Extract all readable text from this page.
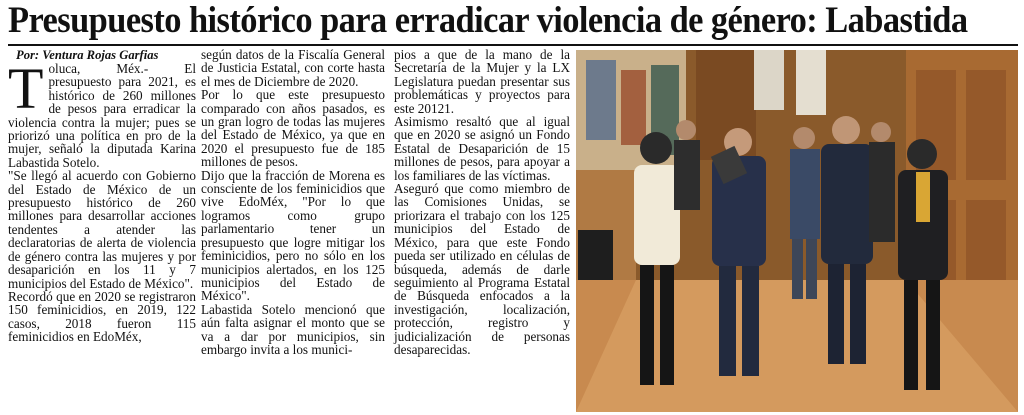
Presupuesto histórico para erradicar violencia de género: Labastida
Por: Ventura Rojas Garfias

Toluca, Méx.- El presupuesto para 2021, es histórico de 260 millones de pesos para erradicar la violencia contra la mujer; pues se priorizó una política en pro de la mujer, señaló la diputada Karina Labastida Sotelo.

"Se llegó al acuerdo con Gobierno del Estado de México de un presupuesto histórico de 260 millones para desarrollar acciones tendentes a atender las declaratorias de alerta de violencia de género contra las mujeres y por desaparición en los 11 y 7 municipios del Estado de México".

Recordó que en 2020 se registraron 150 feminicidios, en 2019, 122 casos, 2018 fueron 115 feminicidios en EdoMéx,

según datos de la Fiscalía General de Justicia Estatal, con corte hasta el mes de Diciembre de 2020.

Por lo que este presupuesto comparado con años pasados, es un gran logro de todas las mujeres del Estado de México, ya que en 2020 el presupuesto fue de 185 millones de pesos.

Dijo que la fracción de Morena es consciente de los feminicidios que vive EdoMéx, "Por lo que logramos como grupo parlamentario tener un presupuesto que logre mitigar los feminicidios, pero no sólo en los municipios alertados, en los 125 municipios del Estado de México".

Labastida Sotelo mencionó que aún falta asignar el monto que se va a dar por municipios, sin embargo invita a los munici-

pios a que de la mano de la Secretaría de la Mujer y la LX Legislatura puedan presentar sus problemáticas y proyectos para este 20121.

Asimismo resaltó que al igual que en 2020 se asignó un Fondo Estatal de Desaparición de 15 millones de pesos, para apoyar a los familiares de las víctimas.

Aseguró que como miembro de las Comisiones Unidas, se priorizara el trabajo con los 125 municipios del Estado de México, para que este Fondo pueda ser utilizado en células de búsqueda, además de darle seguimiento al Programa Estatal de Búsqueda enfocados a la investigación, localización, protección, registro y judicialización de personas desaparecidas.
